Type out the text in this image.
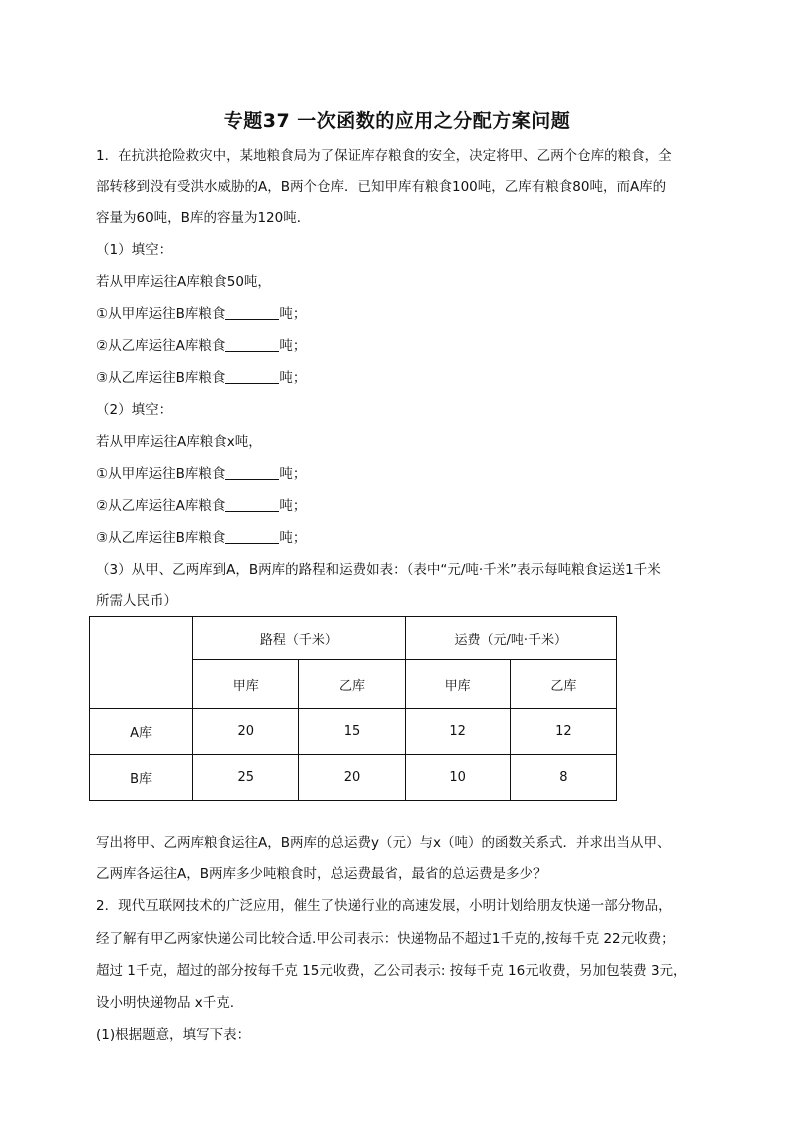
专题37 一次函数的应用之分配方案问题
1．在抗洪抢险救灾中，某地粮食局为了保证库存粮食的安全，决定将甲、乙两个仓库的粮食，全
部转移到没有受洪水威胁的A，B两个仓库．已知甲库有粮食100吨，乙库有粮食80吨，而A库的
容量为60吨，B库的容量为120吨．
（1）填空：
若从甲库运往A库粮食50吨，
①从甲库运往B库粮食	吨；
②从乙库运往A库粮食	吨；
③从乙库运往B库粮食	吨；
（2）填空：
若从甲库运往A库粮食x吨，
①从甲库运往B库粮食	吨；
②从乙库运往A库粮食	吨；
③从乙库运往B库粮食	吨；
（3）从甲、乙两库到A，B两库的路程和运费如表：（表中“元/吨·千米”表示每吨粮食运送1千米
所需人民币）
	路程（千米）		运费（元/吨·千米）	
	甲库	乙库	甲库	乙库
A库	20	15	12	12
B库	25	20	10	8
写出将甲、乙两库粮食运往A，B两库的总运费y（元）与x（吨）的函数关系式．并求出当从甲、
乙两库各运往A，B两库多少吨粮食时，总运费最省，最省的总运费是多少？
2．现代互联网技术的广泛应用，催生了快递行业的高速发展，小明计划给朋友快递一部分物品，
经了解有甲乙两家快递公司比较合适.甲公司表示：快递物品不超过1千克的,按每千克 22元收费；
超过 1千克，超过的部分按每千克 15元收费，乙公司表示: 按每千克 16元收费，另加包装费 3元，
设小明快递物品 x千克.
(1)根据题意，填写下表：
